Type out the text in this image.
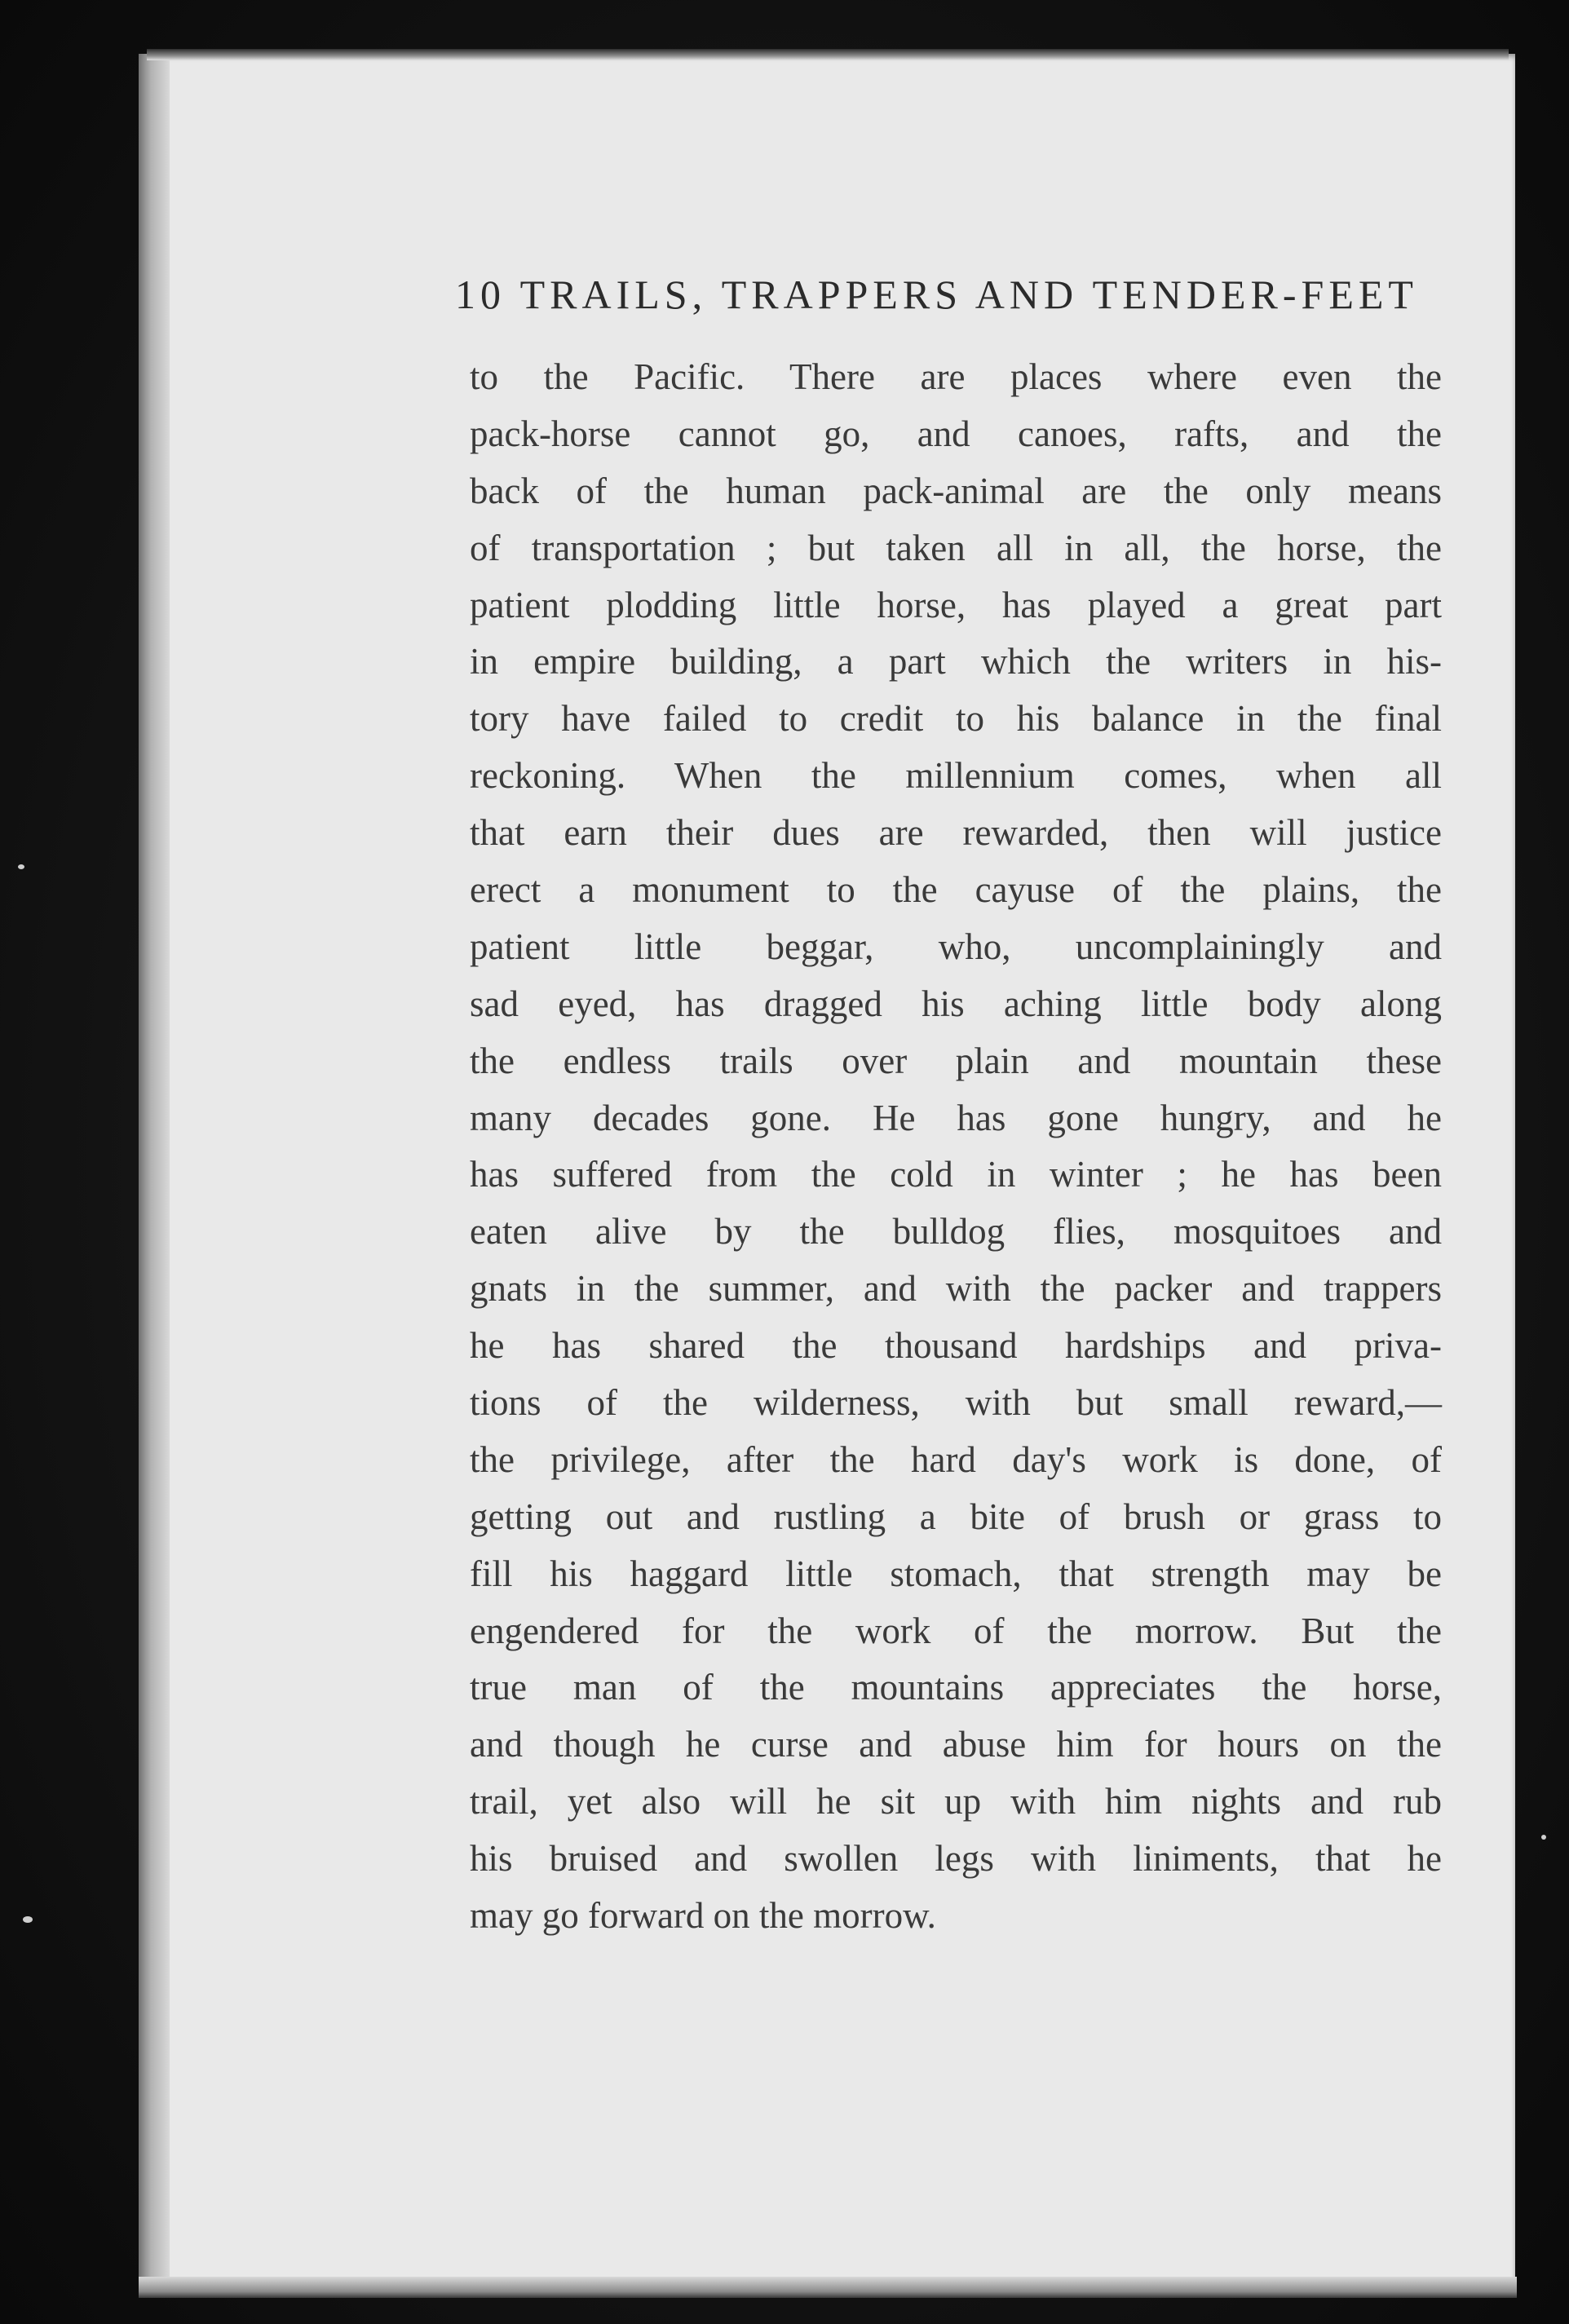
10 TRAILS, TRAPPERS AND TENDER-FEET
to the Pacific. There are places where even the
pack-horse cannot go, and canoes, rafts, and the
back of the human pack-animal are the only means
of transportation ; but taken all in all, the horse, the
patient plodding little horse, has played a great part
in empire building, a part which the writers in his-
tory have failed to credit to his balance in the final
reckoning. When the millennium comes, when all
that earn their dues are rewarded, then will justice
erect a monument to the cayuse of the plains, the
patient little beggar, who, uncomplainingly and
sad eyed, has dragged his aching little body along
the endless trails over plain and mountain these
many decades gone. He has gone hungry, and he
has suffered from the cold in winter ; he has been
eaten alive by the bulldog flies, mosquitoes and
gnats in the summer, and with the packer and trappers
he has shared the thousand hardships and priva-
tions of the wilderness, with but small reward,—
the privilege, after the hard day's work is done, of
getting out and rustling a bite of brush or grass to
fill his haggard little stomach, that strength may be
engendered for the work of the morrow. But the
true man of the mountains appreciates the horse,
and though he curse and abuse him for hours on the
trail, yet also will he sit up with him nights and rub
his bruised and swollen legs with liniments, that he
may go forward on the morrow.
